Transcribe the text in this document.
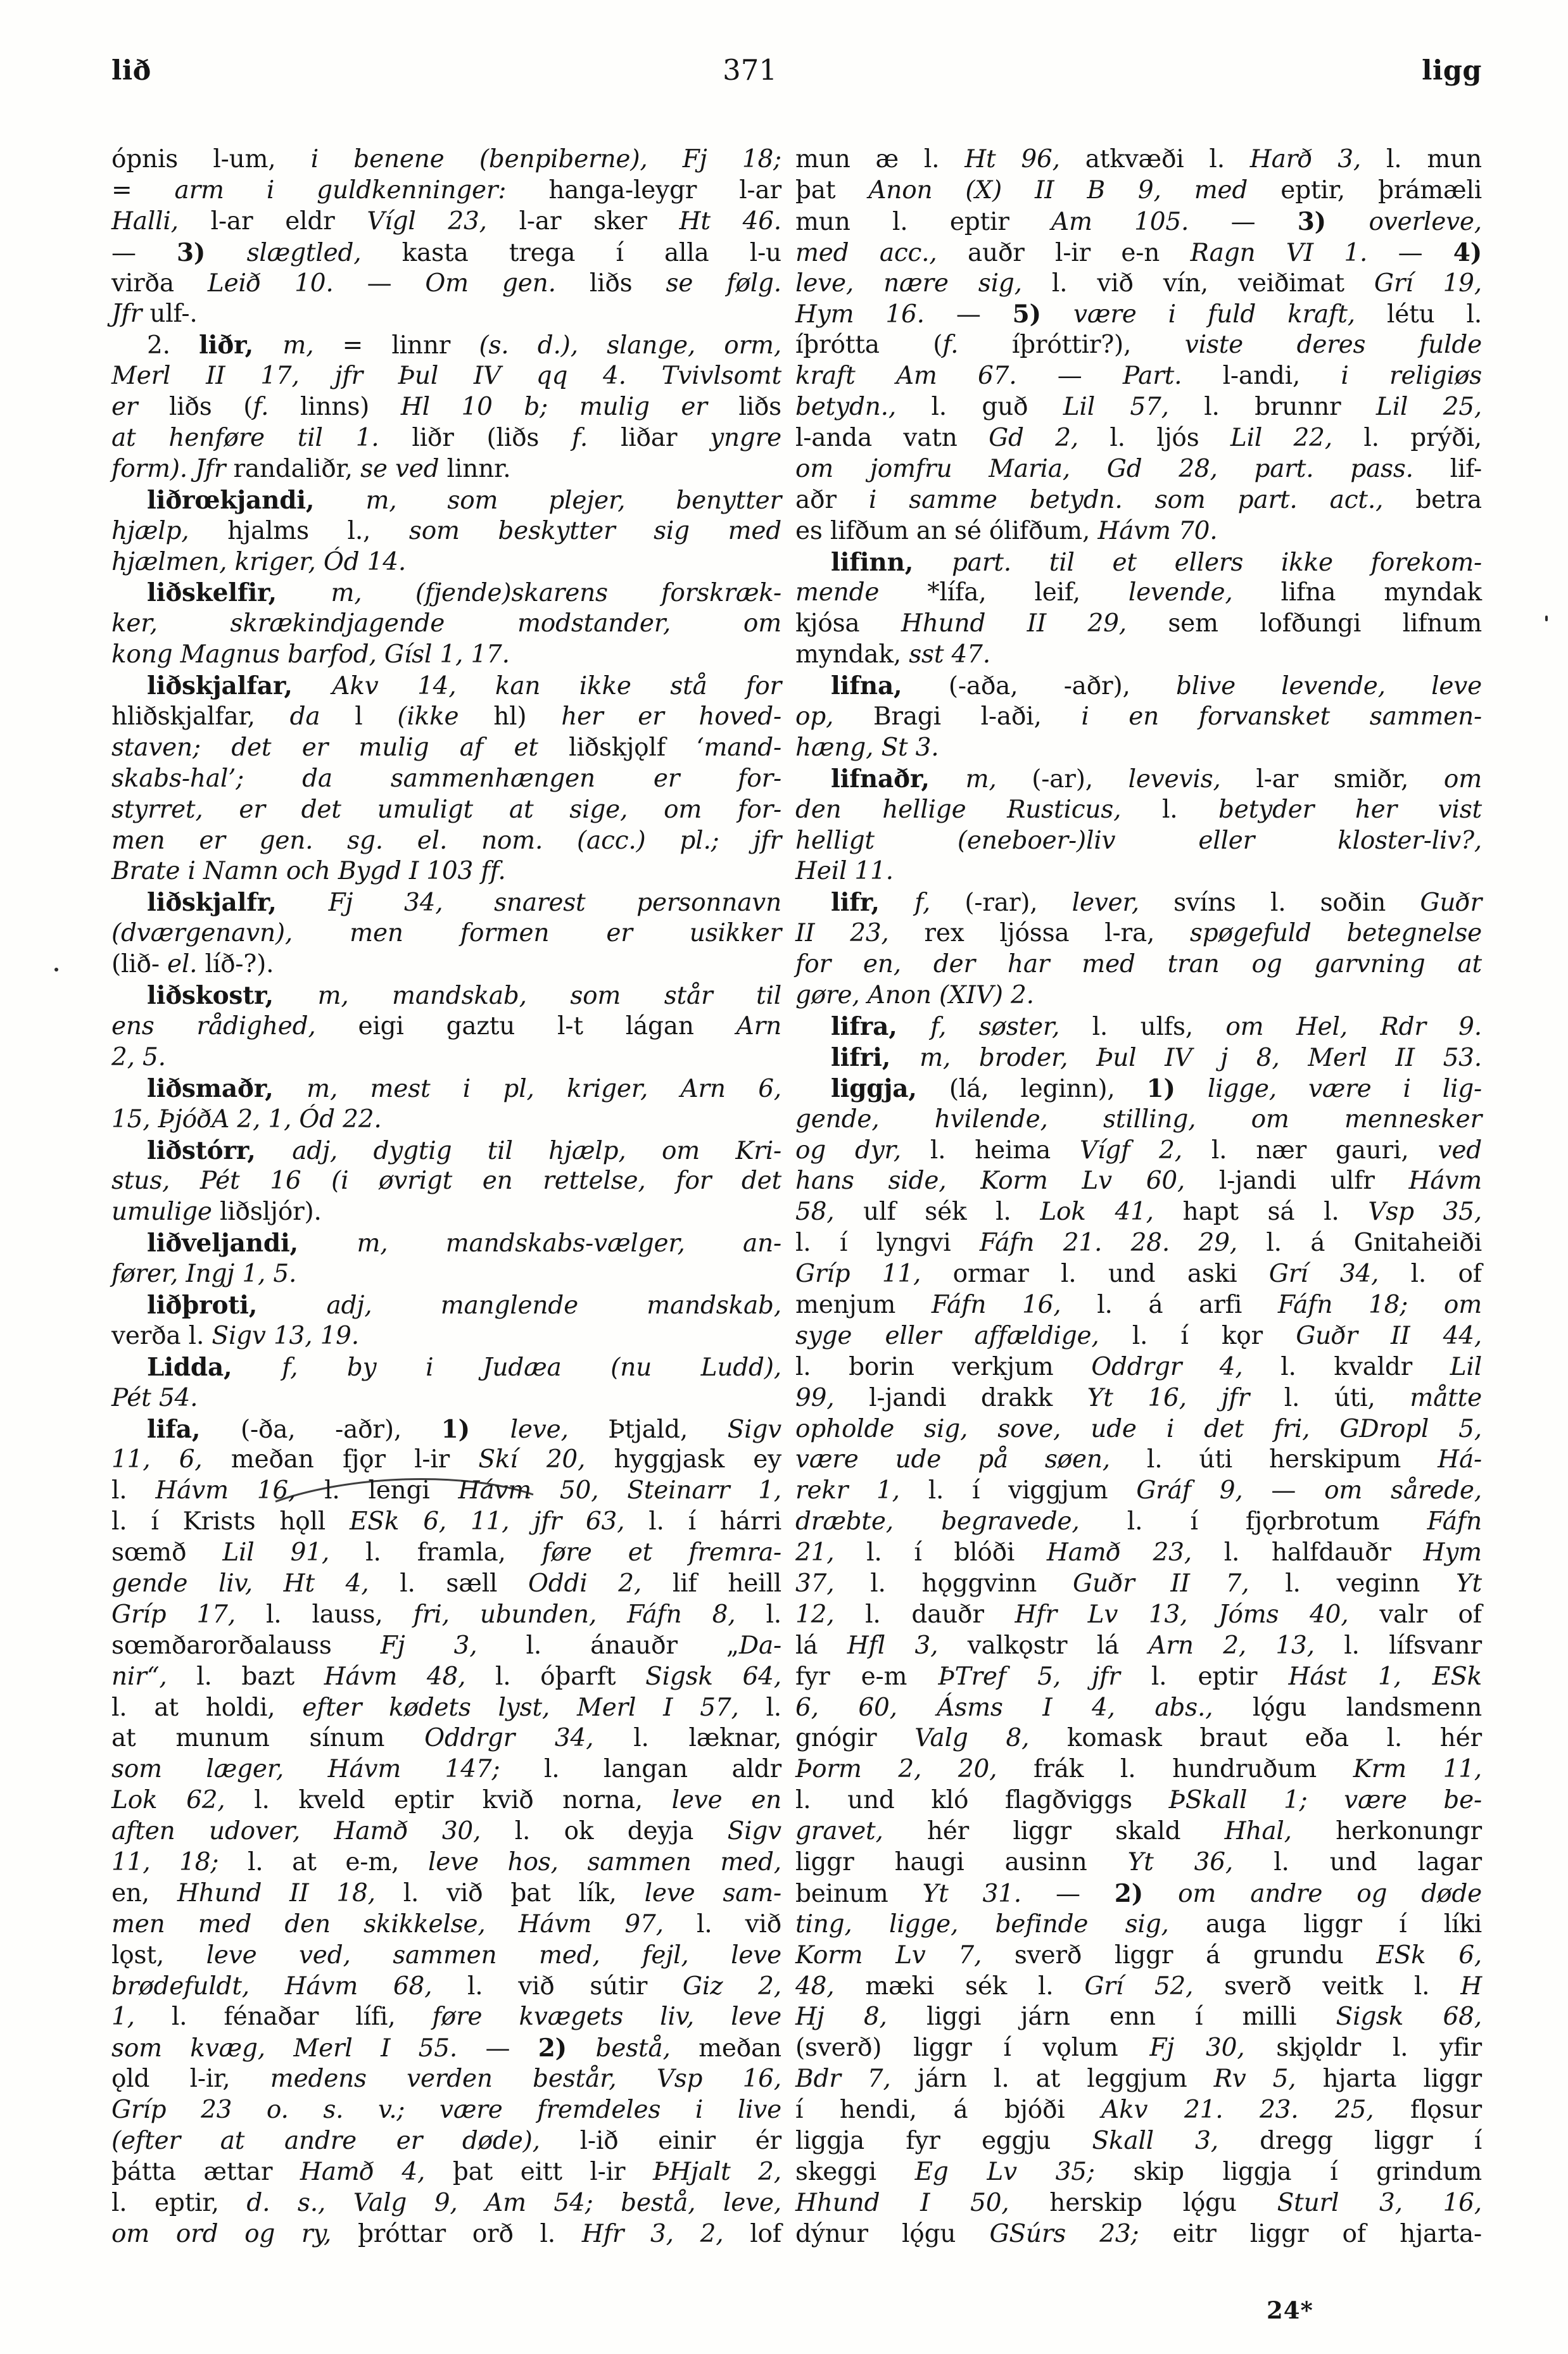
lið	371	ligg
ópnis l-um, i benene (benpiberne), Fj 18;
= arm i guldkenninger: hanga-leygr l-ar
Halli, l-ar eldr Vígl 23, l-ar sker Ht 46.
— 3) slægtled, kasta trega í alla l-u
virða Leið 10. — Om gen. liðs se følg.
Jfr ulf-.
2. liðr, m, = linnr (s. d.), slange, orm,
Merl II 17, jfr Þul IV qq 4. Tvivlsomt
er liðs (f. linns) Hl 10 b; mulig er liðs
at henføre til 1. liðr (liðs f. liðar yngre
form). Jfr randaliðr, se ved linnr.
liðrœkjandi, m, som plejer, benytter
hjælp, hjalms l., som beskytter sig med
hjælmen, kriger, Ód 14.
liðskelfir, m, (fjende)skarens forskræk-
ker, skrækindjagende modstander, om
kong Magnus barfod, Gísl 1, 17.
liðskjalfar, Akv 14, kan ikke stå for
hliðskjalfar, da l (ikke hl) her er hoved-
staven; det er mulig af et liðskjǫlf ‘mand-
skabs-hal’; da sammenhængen er for-
styrret, er det umuligt at sige, om for-
men er gen. sg. el. nom. (acc.) pl.; jfr
Brate i Namn och Bygd I 103 ff.
liðskjalfr, Fj 34, snarest personnavn
(dværgenavn), men formen er usikker
(lið- el. líð-?).
liðskostr, m, mandskab, som står til
ens rådighed, eigi gaztu l-t lágan Arn
2, 5.
liðsmaðr, m, mest i pl, kriger, Arn 6,
15, ÞjóðA 2, 1, Ód 22.
liðstórr, adj, dygtig til hjælp, om Kri-
stus, Pét 16 (i øvrigt en rettelse, for det
umulige liðsljór).
liðveljandi, m, mandskabs-vælger, an-
fører, Ingj 1, 5.
liðþroti, adj, manglende mandskab,
verða l. Sigv 13, 19.
Lidda, f, by i Judæa (nu Ludd),
Pét 54.
lifa, (-ða, -aðr), 1) leve, Þtjald, Sigv
11, 6, meðan fjǫr l-ir Skí 20, hyggjask ey
l. Hávm 16, l. lengi Hávm 50, Steinarr 1,
l. í Krists hǫll ESk 6, 11, jfr 63, l. í hárri
sœmð Lil 91, l. framla, føre et fremra-
gende liv, Ht 4, l. sæll Oddi 2, lif heill
Gríp 17, l. lauss, fri, ubunden, Fáfn 8, l.
sœmðarorðalauss Fj 3, l. ánauðr „Da-
nir“, l. bazt Hávm 48, l. óþarft Sigsk 64,
l. at holdi, efter kødets lyst, Merl I 57, l.
at munum sínum Oddrgr 34, l. læknar,
som læger, Hávm 147; l. langan aldr
Lok 62, l. kveld eptir kvið norna, leve en
aften udover, Hamð 30, l. ok deyja Sigv
11, 18; l. at e-m, leve hos, sammen med,
en, Hhund II 18, l. við þat lík, leve sam-
men med den skikkelse, Hávm 97, l. við
lǫst, leve ved, sammen med, fejl, leve
brødefuldt, Hávm 68, l. við sútir Giz 2,
1, l. fénaðar lífi, føre kvægets liv, leve
som kvæg, Merl I 55. — 2) bestå, meðan
ǫld l-ir, medens verden består, Vsp 16,
Gríp 23 o. s. v.; være fremdeles i live
(efter at andre er døde), l-ið einir ér
þátta ættar Hamð 4, þat eitt l-ir ÞHjalt 2,
l. eptir, d. s., Valg 9, Am 54; bestå, leve,
om ord og ry, þróttar orð l. Hfr 3, 2, lof
mun æ l. Ht 96, atkvæði l. Harð 3, l. mun
þat Anon (X) II B 9, med eptir, þrámæli
mun l. eptir Am 105. — 3) overleve,
med acc., auðr l-ir e-n Ragn VI 1. — 4)
leve, nære sig, l. við vín, veiðimat Grí 19,
Hym 16. — 5) være i fuld kraft, létu l.
íþrótta (f. íþróttir?), viste deres fulde
kraft Am 67. — Part. l-andi, i religiøs
betydn., l. guð Lil 57, l. brunnr Lil 25,
l-anda vatn Gd 2, l. ljós Lil 22, l. prýði,
om jomfru Maria, Gd 28, part. pass. lif-
aðr i samme betydn. som part. act., betra
es lifðum an sé ólifðum, Hávm 70.
lifinn, part. til et ellers ikke forekom-
mende *lífa, leif, levende, lifna myndak
kjósa Hhund II 29, sem lofðungi lifnum
myndak, sst 47.
lifna, (-aða, -aðr), blive levende, leve
op, Bragi l-aði, i en forvansket sammen-
hæng, St 3.
lifnaðr, m, (-ar), levevis, l-ar smiðr, om
den hellige Rusticus, l. betyder her vist
helligt (eneboer-)liv eller kloster-liv?,
Heil 11.
lifr, f, (-rar), lever, svíns l. soðin Guðr
II 23, rex ljóssa l-ra, spøgefuld betegnelse
for en, der har med tran og garvning at
gøre, Anon (XIV) 2.
lifra, f, søster, l. ulfs, om Hel, Rdr 9.
lifri, m, broder, Þul IV j 8, Merl II 53.
liggja, (lá, leginn), 1) ligge, være i lig-
gende, hvilende, stilling, om mennesker
og dyr, l. heima Vígf 2, l. nær gauri, ved
hans side, Korm Lv 60, l-jandi ulfr Hávm
58, ulf sék l. Lok 41, hapt sá l. Vsp 35,
l. í lyngvi Fáfn 21. 28. 29, l. á Gnitaheiði
Gríp 11, ormar l. und aski Grí 34, l. of
menjum Fáfn 16, l. á arfi Fáfn 18; om
syge eller affældige, l. í kǫr Guðr II 44,
l. borin verkjum Oddrgr 4, l. kvaldr Lil
99, l-jandi drakk Yt 16, jfr l. úti, måtte
opholde sig, sove, ude i det fri, GDropl 5,
være ude på søen, l. úti herskipum Há-
rekr 1, l. í viggjum Gráf 9, — om sårede,
dræbte, begravede, l. í fjǫrbrotum Fáfn
21, l. í blóði Hamð 23, l. halfdauðr Hym
37, l. hǫggvinn Guðr II 7, l. veginn Yt
12, l. dauðr Hfr Lv 13, Jóms 40, valr of
lá Hfl 3, valkǫstr lá Arn 2, 13, l. lífsvanr
fyr e-m ÞTref 5, jfr l. eptir Hást 1, ESk
6, 60, Ásms I 4, abs., lǫ́gu landsmenn
gnógir Valg 8, komask braut eða l. hér
Þorm 2, 20, frák l. hundruðum Krm 11,
l. und kló flagðviggs ÞSkall 1; være be-
gravet, hér liggr skald Hhal, herkonungr
liggr haugi ausinn Yt 36, l. und lagar
beinum Yt 31. — 2) om andre og døde
ting, ligge, befinde sig, auga liggr í líki
Korm Lv 7, sverð liggr á grundu ESk 6,
48, mæki sék l. Grí 52, sverð veitk l. H
Hj 8, liggi járn enn í milli Sigsk 68,
(sverð) liggr í vǫlum Fj 30, skjǫldr l. yfir
Bdr 7, járn l. at leggjum Rv 5, hjarta liggr
í hendi, á bjóði Akv 21. 23. 25, flǫsur
liggja fyr eggju Skall 3, dregg liggr í
skeggi Eg Lv 35; skip liggja í grindum
Hhund I 50, herskip lǫ́gu Sturl 3, 16,
dýnur lǫ́gu GSúrs 23; eitr liggr of hjarta-
24*
